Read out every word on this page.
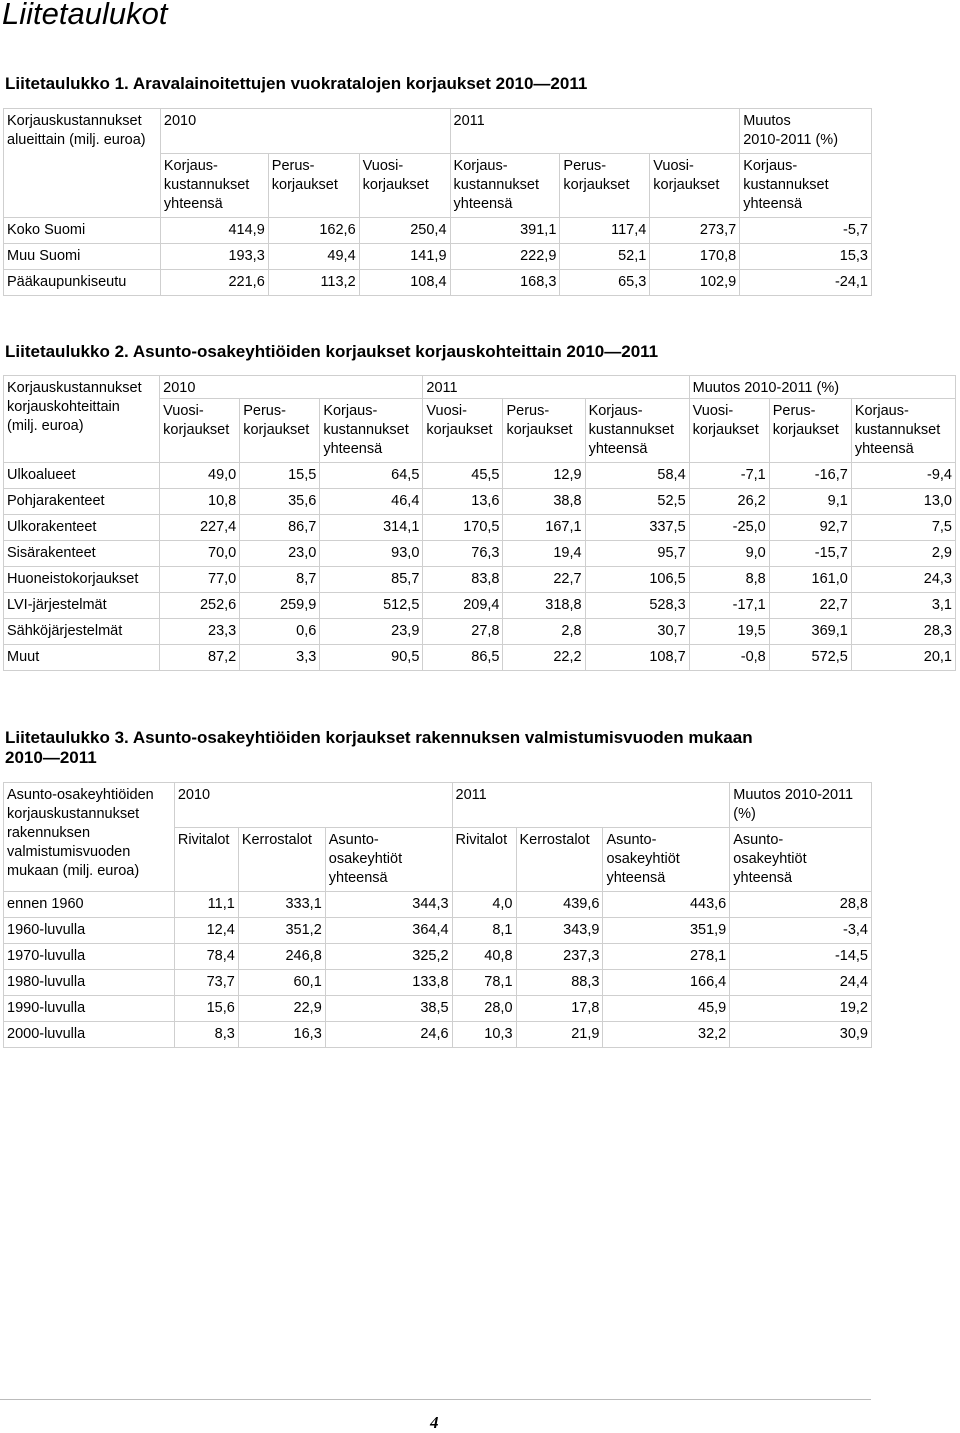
Liitetaulukot

Liitetaulukko 1. Aravalainoitettujen vuokratalojen korjaukset 2010—2011

Korjauskustannukset
alueittain (milj. euroa)	2010			2011			Muutos
2010-2011 (%)

	Korjaus-
kustannukset
yhteensä	Perus-
korjaukset	Vuosi-
korjaukset	Korjaus-
kustannukset
yhteensä	Perus-
korjaukset	Vuosi-
korjaukset	Korjaus-
kustannukset
yhteensä

Koko Suomi	414,9	162,6	250,4	391,1	117,4	273,7	-5,7
Muu Suomi	193,3	49,4	141,9	222,9	52,1	170,8	15,3
Pääkaupunkiseutu	221,6	113,2	108,4	168,3	65,3	102,9	-24,1

Liitetaulukko 2. Asunto-osakeyhtiöiden korjaukset korjauskohteittain 2010—2011

Korjauskustannukset
korjauskohteittain
(milj. euroa)	2010			2011			Muutos 2010-2011 (%)		

	Vuosi-
korjaukset	Perus-
korjaukset	Korjaus-
kustannukset
yhteensä	Vuosi-
korjaukset	Perus-
korjaukset	Korjaus-
kustannukset
yhteensä	Vuosi-
korjaukset	Perus-
korjaukset	Korjaus-
kustannukset
yhteensä

Ulkoalueet	49,0	15,5	64,5	45,5	12,9	58,4	-7,1	-16,7	-9,4
Pohjarakenteet	10,8	35,6	46,4	13,6	38,8	52,5	26,2	9,1	13,0
Ulkorakenteet	227,4	86,7	314,1	170,5	167,1	337,5	-25,0	92,7	7,5
Sisärakenteet	70,0	23,0	93,0	76,3	19,4	95,7	9,0	-15,7	2,9
Huoneistokorjaukset	77,0	8,7	85,7	83,8	22,7	106,5	8,8	161,0	24,3
LVI-järjestelmät	252,6	259,9	512,5	209,4	318,8	528,3	-17,1	22,7	3,1
Sähköjärjestelmät	23,3	0,6	23,9	27,8	2,8	30,7	19,5	369,1	28,3
Muut	87,2	3,3	90,5	86,5	22,2	108,7	-0,8	572,5	20,1

Liitetaulukko 3. Asunto-osakeyhtiöiden korjaukset rakennuksen valmistumisvuoden mukaan
2010—2011

Asunto-osakeyhtiöiden
korjauskustannukset
rakennuksen
valmistumisvuoden
mukaan (milj. euroa)	2010			2011			Muutos 2010-2011
(%)

	Rivitalot	Kerrostalot	Asunto-
osakeyhtiöt
yhteensä	Rivitalot	Kerrostalot	Asunto-
osakeyhtiöt
yhteensä	Asunto-
osakeyhtiöt
yhteensä

ennen 1960	11,1	333,1	344,3	4,0	439,6	443,6	28,8
1960-luvulla	12,4	351,2	364,4	8,1	343,9	351,9	-3,4
1970-luvulla	78,4	246,8	325,2	40,8	237,3	278,1	-14,5
1980-luvulla	73,7	60,1	133,8	78,1	88,3	166,4	24,4
1990-luvulla	15,6	22,9	38,5	28,0	17,8	45,9	19,2
2000-luvulla	8,3	16,3	24,6	10,3	21,9	32,2	30,9
4
